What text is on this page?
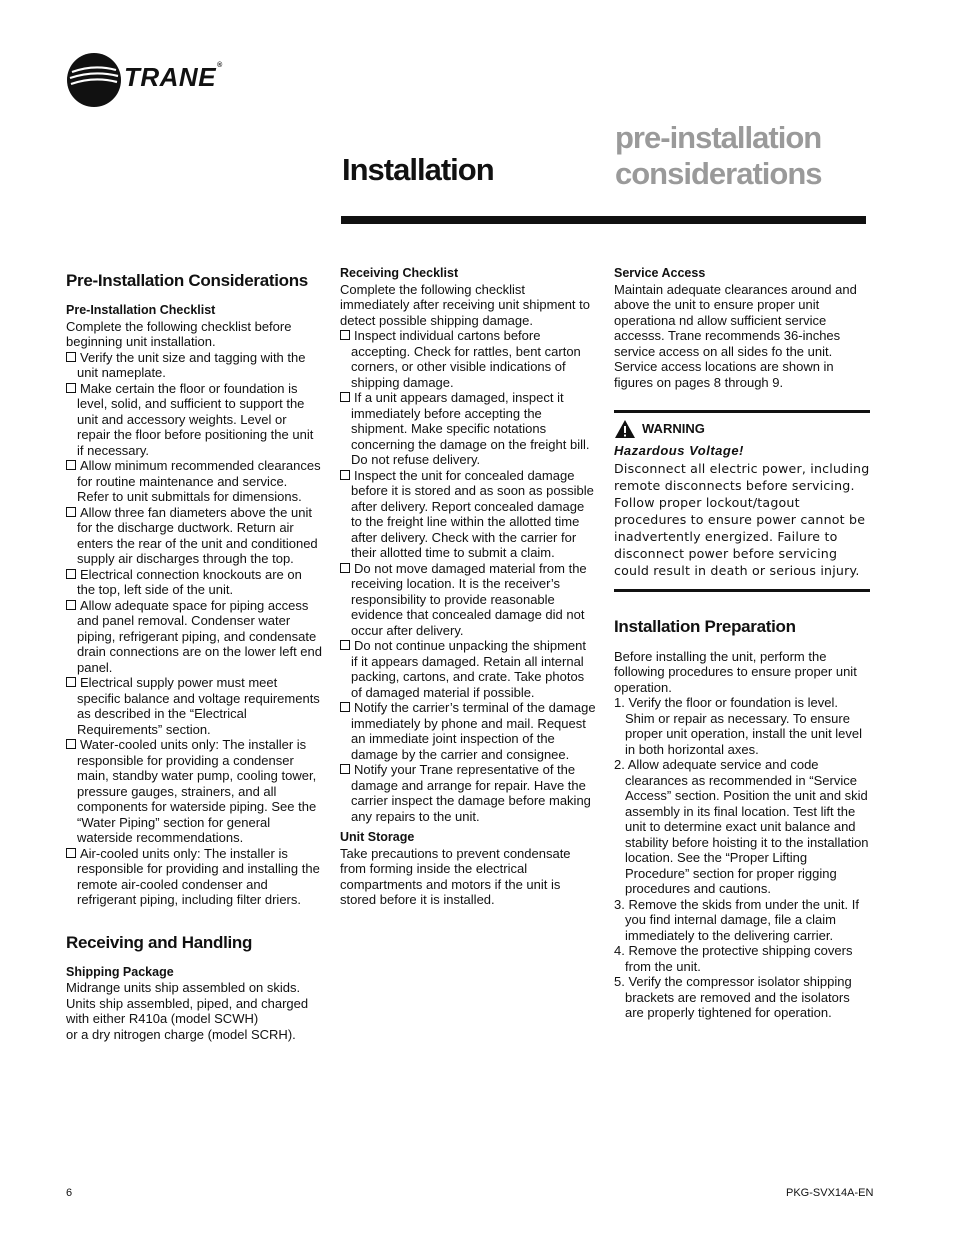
TRANE®
Installation
pre-installation
considerations
Pre-Installation Considerations
Pre-Installation Checklist

Complete the following checklist before beginning unit installation.

Verify the unit size and tagging with the unit nameplate.
Make certain the floor or foundation is level, solid, and sufficient to support the unit and accessory weights. Level or repair the floor before positioning the unit if necessary.
Allow minimum recommended clearances for routine maintenance and service. Refer to unit submittals for dimensions.
Allow three fan diameters above the unit for the discharge ductwork. Return air enters the rear of the unit and conditioned supply air discharges through the top.
Electrical connection knockouts are on the top, left side of the unit.
Allow adequate space for piping access and panel removal. Condenser water piping, refrigerant piping, and condensate drain connections are on the lower left end panel.
Electrical supply power must meet specific balance and voltage requirements as described in the “Electrical Requirements” section.
Water-cooled units only: The installer is responsible for providing a condenser main, standby water pump, cooling tower, pressure gauges, strainers, and all components for waterside piping. See the “Water Piping” section for general waterside recommendations.
Air-cooled units only: The installer is responsible for providing and installing the remote air-cooled condenser and refrigerant piping, including filter driers.
Receiving and Handling
Shipping Package

Midrange units ship assembled on skids. Units ship assembled, piped, and charged with either R410a (model SCWH)

or a dry nitrogen charge (model SCRH).

Receiving Checklist

Complete the following checklist immediately after receiving unit shipment to detect possible shipping damage.

Inspect individual cartons before accepting. Check for rattles, bent carton corners, or other visible indications of shipping damage.
If a unit appears damaged, inspect it immediately before accepting the shipment. Make specific notations concerning the damage on the freight bill. Do not refuse delivery.
Inspect the unit for concealed damage before it is stored and as soon as possible after delivery. Report concealed damage to the freight line within the allotted time after delivery. Check with the carrier for their allotted time to submit a claim.
Do not move damaged material from the receiving location. It is the receiver’s responsibility to provide reasonable evidence that concealed damage did not occur after delivery.
Do not continue unpacking the shipment if it appears damaged. Retain all internal packing, cartons, and crate. Take photos of damaged material if possible.
Notify the carrier’s terminal of the damage immediately by phone and mail. Request an immediate joint inspection of the damage by the carrier and consignee.
Notify your Trane representative of the damage and arrange for repair. Have the carrier inspect the damage before making any repairs to the unit.
Unit Storage

Take precautions to prevent condensate from forming inside the electrical compartments and motors if the unit is stored before it is installed.

Service Access

Maintain adequate clearances around and above the unit to ensure proper unit operationa nd allow sufficient service accesss. Trane recommends 36-inches service access on all sides fo the unit. Service access locations are shown in figures on pages 8 through 9.

WARNING
Hazardous Voltage!
Disconnect all electric power, including remote disconnects before servicing. Follow proper lockout/tagout procedures to ensure power cannot be inadvertently energized. Failure to disconnect power before servicing could result in death or serious injury.
Installation Preparation

Before installing the unit, perform the following procedures to ensure proper unit operation.

1. Verify the floor or foundation is level. Shim or repair as necessary. To ensure proper unit operation, install the unit level in both horizontal axes.
2. Allow adequate service and code clearances as recommended in “Service Access” section. Position the unit and skid assembly in its final location. Test lift the unit to determine exact unit balance and stability before hoisting it to the installation location. See the “Proper Lifting Procedure” section for proper rigging procedures and cautions.
3. Remove the skids from under the unit. If you find internal damage, file a claim immediately to the delivering carrier.
4. Remove the protective shipping covers from the unit.
5. Verify the compressor isolator shipping brackets are removed and the isolators are properly tightened for operation.
6	PKG-SVX14A-EN
